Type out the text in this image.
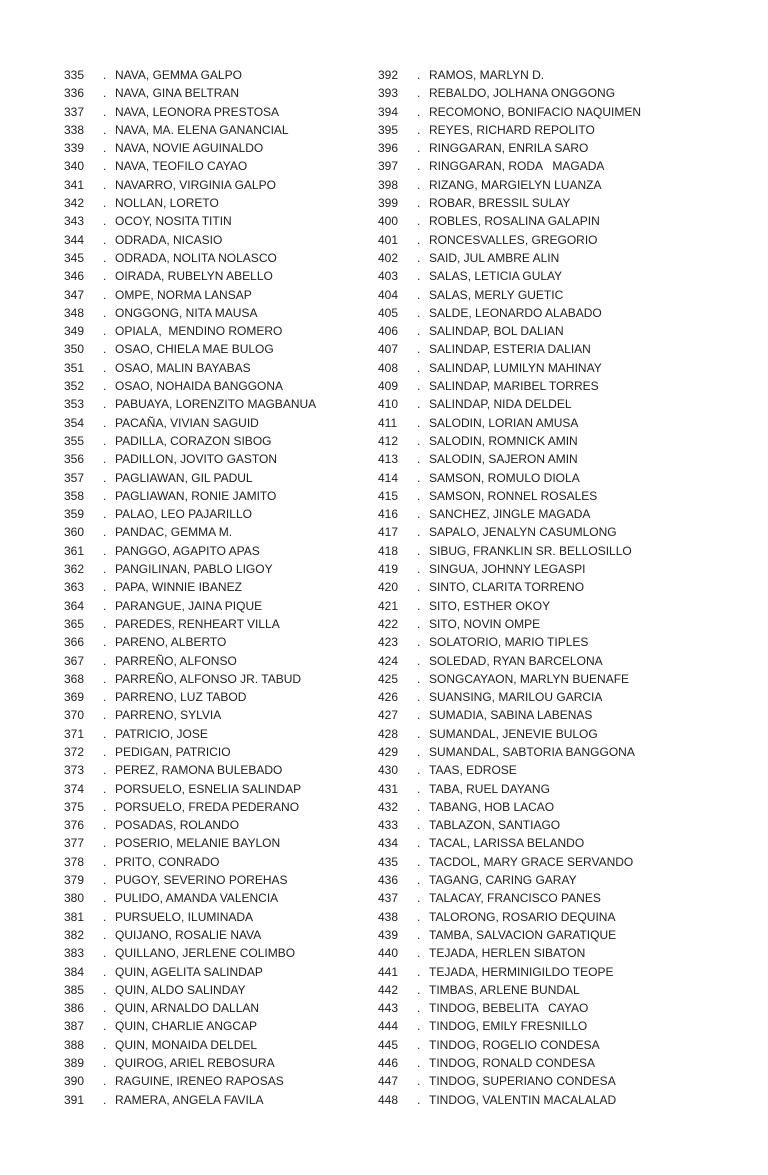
335	. NAVA, GEMMA GALPO
336	. NAVA, GINA BELTRAN
337	. NAVA, LEONORA PRESTOSA
338	. NAVA, MA. ELENA GANANCIAL
339	. NAVA, NOVIE AGUINALDO
340	. NAVA, TEOFILO CAYAO
341	. NAVARRO, VIRGINIA GALPO
342	. NOLLAN, LORETO
343	. OCOY, NOSITA TITIN
344	. ODRADA, NICASIO
345	. ODRADA, NOLITA NOLASCO
346	. OIRADA, RUBELYN ABELLO
347	. OMPE, NORMA LANSAP
348	. ONGGONG, NITA MAUSA
349	. OPIALA,  MENDINO ROMERO
350	. OSAO, CHIELA MAE BULOG
351	. OSAO, MALIN BAYABAS
352	. OSAO, NOHAIDA BANGGONA
353	. PABUAYA, LORENZITO MAGBANUA
354	. PACAÑA, VIVIAN SAGUID
355	. PADILLA, CORAZON SIBOG
356	. PADILLON, JOVITO GASTON
357	. PAGLIAWAN, GIL PADUL
358	. PAGLIAWAN, RONIE JAMITO
359	. PALAO, LEO PAJARILLO
360	. PANDAC, GEMMA M.
361	. PANGGO, AGAPITO APAS
362	. PANGILINAN, PABLO LIGOY
363	. PAPA, WINNIE IBANEZ
364	. PARANGUE, JAINA PIQUE
365	. PAREDES, RENHEART VILLA
366	. PARENO, ALBERTO
367	. PARREÑO, ALFONSO
368	. PARREÑO, ALFONSO JR. TABUD
369	. PARRENO, LUZ TABOD
370	. PARRENO, SYLVIA
371	. PATRICIO, JOSE
372	. PEDIGAN, PATRICIO
373	. PEREZ, RAMONA BULEBADO
374	. PORSUELO, ESNELIA SALINDAP
375	. PORSUELO, FREDA PEDERANO
376	. POSADAS, ROLANDO
377	. POSERIO, MELANIE BAYLON
378	. PRITO, CONRADO
379	. PUGOY, SEVERINO POREHAS
380	. PULIDO, AMANDA VALENCIA
381	. PURSUELO, ILUMINADA
382	. QUIJANO, ROSALIE NAVA
383	. QUILLANO, JERLENE COLIMBO
384	. QUIN, AGELITA SALINDAP
385	. QUIN, ALDO SALINDAY
386	. QUIN, ARNALDO DALLAN
387	. QUIN, CHARLIE ANGCAP
388	. QUIN, MONAIDA DELDEL
389	. QUIROG, ARIEL REBOSURA
390	. RAGUINE, IRENEO RAPOSAS
391	. RAMERA, ANGELA FAVILA
392	. RAMOS, MARLYN D.
393	. REBALDO, JOLHANA ONGGONG
394	. RECOMONO, BONIFACIO NAQUIMEN
395	. REYES, RICHARD REPOLITO
396	. RINGGARAN, ENRILA SARO
397	. RINGGARAN, RODA   MAGADA
398	. RIZANG, MARGIELYN LUANZA
399	. ROBAR, BRESSIL SULAY
400	. ROBLES, ROSALINA GALAPIN
401	. RONCESVALLES, GREGORIO
402	. SAID, JUL AMBRE ALIN
403	. SALAS, LETICIA GULAY
404	. SALAS, MERLY GUETIC
405	. SALDE, LEONARDO ALABADO
406	. SALINDAP, BOL DALIAN
407	. SALINDAP, ESTERIA DALIAN
408	. SALINDAP, LUMILYN MAHINAY
409	. SALINDAP, MARIBEL TORRES
410	. SALINDAP, NIDA DELDEL
411	. SALODIN, LORIAN AMUSA
412	. SALODIN, ROMNICK AMIN
413	. SALODIN, SAJERON AMIN
414	. SAMSON, ROMULO DIOLA
415	. SAMSON, RONNEL ROSALES
416	. SANCHEZ, JINGLE MAGADA
417	. SAPALO, JENALYN CASUMLONG
418	. SIBUG, FRANKLIN SR. BELLOSILLO
419	. SINGUA, JOHNNY LEGASPI
420	. SINTO, CLARITA TORRENO
421	. SITO, ESTHER OKOY
422	. SITO, NOVIN OMPE
423	. SOLATORIO, MARIO TIPLES
424	. SOLEDAD, RYAN BARCELONA
425	. SONGCAYAON, MARLYN BUENAFE
426	. SUANSING, MARILOU GARCIA
427	. SUMADIA, SABINA LABENAS
428	. SUMANDAL, JENEVIE BULOG
429	. SUMANDAL, SABTORIA BANGGONA
430	. TAAS, EDROSE
431	. TABA, RUEL DAYANG
432	. TABANG, HOB LACAO
433	. TABLAZON, SANTIAGO
434	. TACAL, LARISSA BELANDO
435	. TACDOL, MARY GRACE SERVANDO
436	. TAGANG, CARING GARAY
437	. TALACAY, FRANCISCO PANES
438	. TALORONG, ROSARIO DEQUINA
439	. TAMBA, SALVACION GARATIQUE
440	. TEJADA, HERLEN SIBATON
441	. TEJADA, HERMINIGILDO TEOPE
442	. TIMBAS, ARLENE BUNDAL
443	. TINDOG, BEBELITA   CAYAO
444	. TINDOG, EMILY FRESNILLO
445	. TINDOG, ROGELIO CONDESA
446	. TINDOG, RONALD CONDESA
447	. TINDOG, SUPERIANO CONDESA
448	. TINDOG, VALENTIN MACALALAD
